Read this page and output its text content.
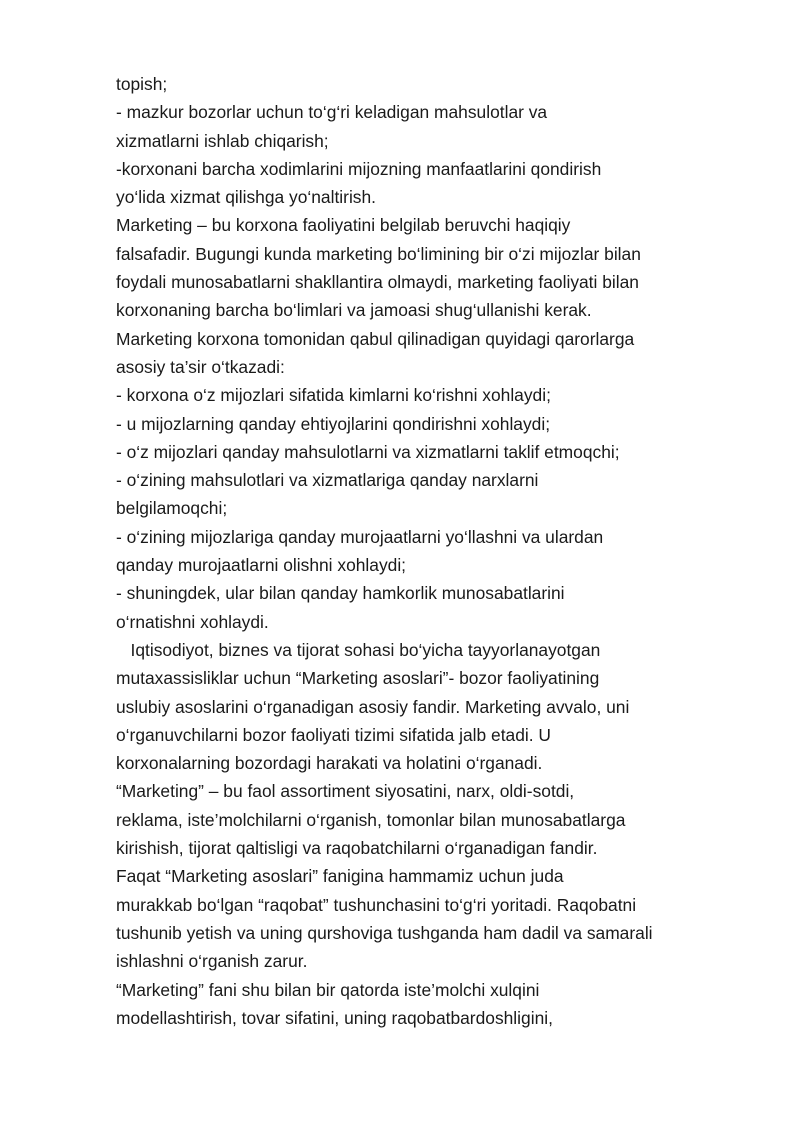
topish;
- mazkur bozorlar uchun to‘g‘ri keladigan mahsulotlar va
xizmatlarni ishlab chiqarish;
-korxonani barcha xodimlarini mijozning manfaatlarini qondirish
yo‘lida xizmat qilishga yo‘naltirish.
Marketing – bu korxona faoliyatini belgilab beruvchi haqiqiy
falsafadir. Bugungi kunda marketing bo‘limining bir o‘zi mijozlar bilan
foydali munosabatlarni shakllantira olmaydi, marketing faoliyati bilan
korxonaning barcha bo‘limlari va jamoasi shug‘ullanishi kerak.
Marketing korxona tomonidan qabul qilinadigan quyidagi qarorlarga
asosiy ta’sir o‘tkazadi:
- korxona o‘z mijozlari sifatida kimlarni ko‘rishni xohlaydi;
- u mijozlarning qanday ehtiyojlarini qondirishni xohlaydi;
- o‘z mijozlari qanday mahsulotlarni va xizmatlarni taklif etmoqchi;
- o‘zining mahsulotlari va xizmatlariga qanday narxlarni
belgilamoqchi;
- o‘zining mijozlariga qanday murojaatlarni yo‘llashni va ulardan
qanday murojaatlarni olishni xohlaydi;
- shuningdek, ular bilan qanday hamkorlik munosabatlarini
o‘rnatishni xohlaydi.
Iqtisodiyot, biznes va tijorat sohasi bo‘yicha tayyorlanayotgan
mutaxassisliklar uchun “Marketing asoslari”- bozor faoliyatining
uslubiy asoslarini o‘rganadigan asosiy fandir. Marketing avvalo, uni
o‘rganuvchilarni bozor faoliyati tizimi sifatida jalb etadi. U
korxonalarning bozordagi harakati va holatini o‘rganadi.
“Marketing” – bu faol assortiment siyosatini, narx, oldi-sotdi,
reklama, iste’molchilarni o‘rganish, tomonlar bilan munosabatlarga
kirishish, tijorat qaltisligi va raqobatchilarni o‘rganadigan fandir.
Faqat “Marketing asoslari” fanigina hammamiz uchun juda
murakkab bo‘lgan “raqobat” tushunchasini to‘g‘ri yoritadi. Raqobatni
tushunib yetish va uning qurshoviga tushganda ham dadil va samarali
ishlashni o‘rganish zarur.
“Marketing” fani shu bilan bir qatorda iste’molchi xulqini
modellashtirish, tovar sifatini, uning raqobatbardoshligini,
